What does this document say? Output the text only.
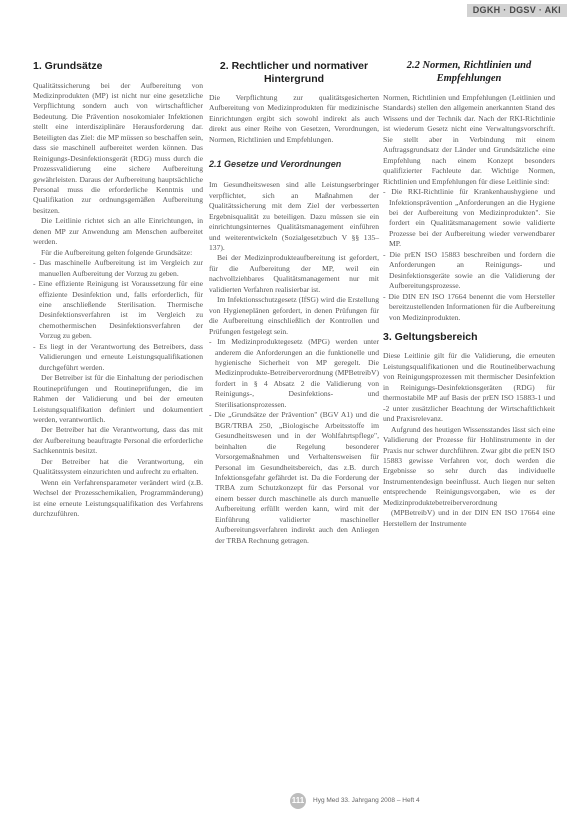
DGKH · DGSV · AKI
1. Grundsätze

Qualitätssicherung bei der Aufbereitung von Medizinprodukten (MP) ist nicht nur eine gesetzliche Verpflichtung sondern auch von wirtschaftlicher Bedeutung. Die Prävention nosokomialer Infektionen stellt eine interdisziplinäre Herausforderung dar. Beteiligten das Ziel: die MP müssen so beschaffen sein, dass sie maschinell aufbereitet werden können. Das Reinigungs-Desinfektionsgerät (RDG) muss durch die Prozessvalidierung eine sichere Aufbereitung gewährleisten. Daraus der Aufbereitung hauptsächliche Personal muss die erforderliche Kenntnis und Qualifikation zur ordnungsgemäßen Aufbereitung besitzen.

Die Leitlinie richtet sich an alle Einrichtungen, in denen MP zur Anwendung am Menschen aufbereitet werden.

Für die Aufbereitung gelten folgende Grundsätze:

- Das maschinelle Aufbereitung ist im Vergleich zur manuellen Aufbereitung der Vorzug zu geben.
- Eine effiziente Reinigung ist Voraussetzung für eine effiziente Desinfektion und, falls erforderlich, für eine anschließende Sterilisation. Thermische Desinfektionsverfahren ist im Vergleich zu chemothermischen Desinfektionsverfahren der Vorzug zu geben.
- Es liegt in der Verantwortung des Betreibers, dass Validierungen und erneute Leistungsqualifikationen durchgeführt werden.

Der Betreiber ist für die Einhaltung der periodischen Routineprüfungen und Routineprüfungen, die im Rahmen der Validierung und bei der erneuten Leistungsqualifikation definiert und dokumentiert werden, verantwortlich.

Der Betreiber hat die Verantwortung, dass das mit der Aufbereitung beauftragte Personal die erforderliche Sachkenntnis besitzt.

Der Betreiber hat die Verantwortung, ein Qualitätssystem einzurichten und aufrecht zu erhalten.

Wenn ein Verfahrensparameter verändert wird (z.B. Wechsel der Prozesschemikalien, Programmänderung) ist eine erneute Leistungsqualifikation des Verfahrens durchzuführen.

2. Rechtlicher und normativer Hintergrund

Die Verpflichtung zur qualitätsgesicherten Aufbereitung von Medizinprodukten für medizinische Einrichtungen ergibt sich sowohl indirekt als auch direkt aus einer Reihe von Gesetzen, Verordnungen, Normen, Richtlinien und Empfehlungen.

2.1 Gesetze und Verordnungen

Im Gesundheitswesen sind alle Leistungserbringer verpflichtet, sich an Maßnahmen der Qualitätssicherung mit dem Ziel der verbesserten Ergebnisqualität zu beteiligen. Dazu müssen sie ein einrichtungsinternes Qualitätsmanagement einführen und weiterentwickeln (Sozialgesetzbuch V §§ 135–137).

Bei der Medizinprodukteaufbereitung ist gefordert, für die Aufbereitung der MP, weil ein nachvollziehbares Qualitätsmanagement nur mit validierten Verfahren realisierbar ist.

Im Infektionsschutzgesetz (IfSG) wird die Erstellung von Hygieneplänen gefordert, in denen Prüfungen für die Aufbereitung einschließlich der Kontrollen und Prüfungen festgelegt sein.

- Im Medizinproduktegesetz (MPG) werden unter anderem die Anforderungen an die funktionelle und hygienische Sicherheit von MP geregelt. Die Medizinprodukte-Betreiberverordnung (MPBetreibV) fordert in § 4 Absatz 2 die Validierung von Reinigungs-, Desinfektions- und Sterilisationsprozessen.
- Die „Grundsätze der Prävention" (BGV A1) und die BGR/TRBA 250, „Biologische Arbeitsstoffe im Gesundheitswesen und in der Wohlfahrtspflege", beinhalten die Regelung besonderer Vorsorgemaßnahmen und Verhaltensweisen für Personal im Gesundheitsbereich, das z.B. durch Infektionsgefahr gefährdet ist. Da die Forderung der TRBA zum Schutzkonzept für das Personal vor einem besser durch maschinelle als durch manuelle Aufbereitung erfüllt werden kann, wird mit der Einführung validierter maschineller Aufbereitungsverfahren indirekt auch den Anliegen der TRBA Rechnung getragen.
2.2 Normen, Richtlinien und Empfehlungen

Normen, Richtlinien und Empfehlungen (Leitlinien und Standards) stellen den allgemein anerkannten Stand des Wissens und der Technik dar. Nach der RKI-Richtlinie ist wiederum Gesetz nicht eine Verwaltungsvorschrift. Sie stellt aber in Verbindung mit einem Auftragsgrundsatz der Länder und Grundsätzliche eine Empfehlung nach einem Konzept besonders qualifizierter Fachleute dar. Wichtige Normen, Richtlinien und Empfehlungen für diese Leitlinie sind:

- Die RKI-Richtlinie für Krankenhaushygiene und Infektionsprävention „Anforderungen an die Hygiene bei der Aufbereitung von Medizinprodukten". Sie fordert ein Qualitätsmanagement sowie validierte Prozesse bei der Aufbereitung wieder verwendbarer MP.
- Die prEN ISO 15883 beschreiben und fordern die Anforderungen an Reinigungs- und Desinfektionsgeräte sowie an die Validierung der Aufbereitungsprozesse.
- Die DIN EN ISO 17664 benennt die vom Hersteller bereitzustellenden Informationen für die Aufbereitung von Medizinprodukten.
3. Geltungsbereich

Diese Leitlinie gilt für die Validierung, die erneuten Leistungsqualifikationen und die Routineüberwachung von Reinigungsprozessen mit thermischer Desinfektion in Reinigungs-Desinfektionsgeräten (RDG) für thermostabile MP auf Basis der prEN ISO 15883-1 und -2 unter zusätzlicher Beachtung der Wirtschaftlichkeit und Praxisrelevanz.

Aufgrund des heutigen Wissensstandes lässt sich eine Validierung der Prozesse für Hohlinstrumente in der Praxis nur schwer durchführen. Zwar gibt die prEN ISO 15883 gewisse Verfahren vor, doch werden die Ergebnisse so sehr durch das individuelle Instrumentendesign beeinflusst. Auch liegen nur selten entsprechende Reinigungsvorgaben, wie es der Medizinproduktebetreiberverordnung

(MPBetreibV) und in der DIN EN ISO 17664 eine Herstellern der Instrumente

111 Hyg Med 33. Jahrgang 2008 – Heft 4
